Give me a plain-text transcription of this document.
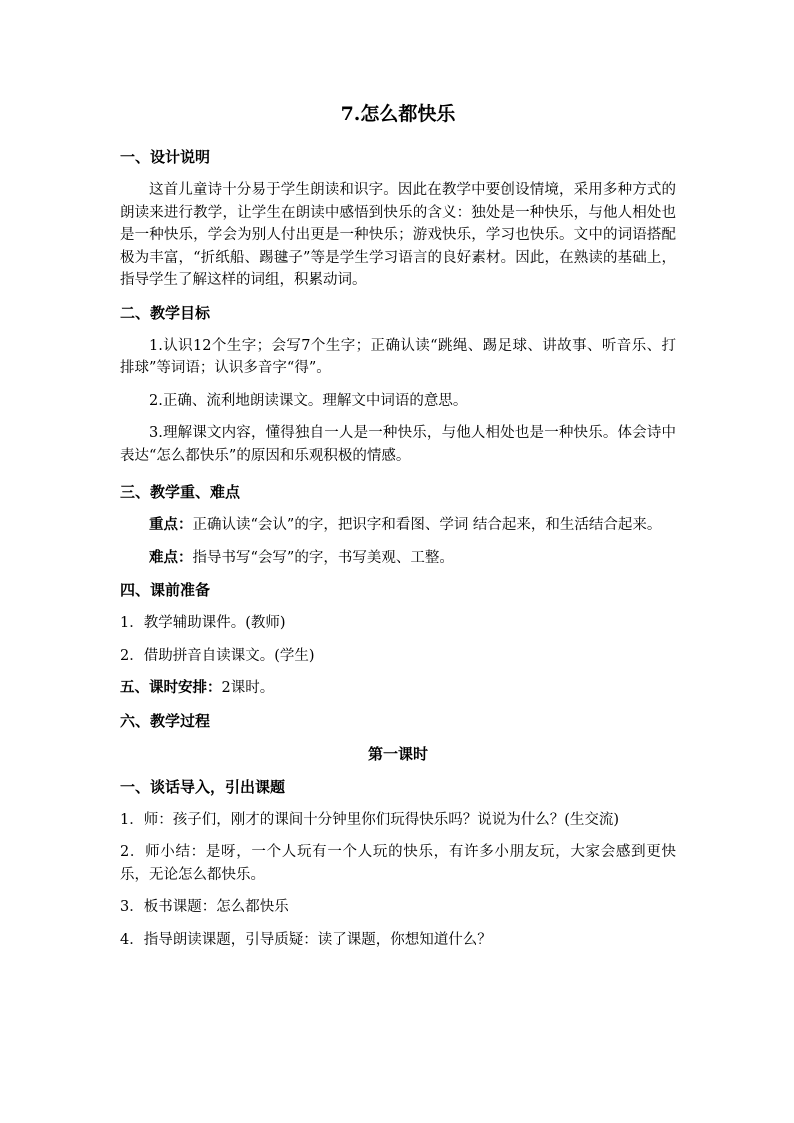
7.怎么都快乐
一、设计说明
这首儿童诗十分易于学生朗读和识字。因此在教学中要创设情境，采用多种方式的朗读来进行教学，让学生在朗读中感悟到快乐的含义：独处是一种快乐，与他人相处也是一种快乐，学会为别人付出更是一种快乐；游戏快乐，学习也快乐。文中的词语搭配极为丰富，“折纸船、踢毽子”等是学生学习语言的良好素材。因此，在熟读的基础上，指导学生了解这样的词组，积累动词。
二、教学目标
1.认识12个生字；会写7个生字；正确认读“跳绳、踢足球、讲故事、听音乐、打排球”等词语；认识多音字“得”。
2.正确、流利地朗读课文。理解文中词语的意思。
3.理解课文内容，懂得独自一人是一种快乐，与他人相处也是一种快乐。体会诗中表达“怎么都快乐”的原因和乐观积极的情感。
三、教学重、难点
重点：正确认读“会认”的字，把识字和看图、学词 结合起来，和生活结合起来。
难点：指导书写“会写”的字，书写美观、工整。
四、课前准备
1．教学辅助课件。(教师)
2．借助拼音自读课文。(学生)
五、课时安排：2课时。
六、教学过程
第一课时
一、谈话导入，引出课题
1．师：孩子们，刚才的课间十分钟里你们玩得快乐吗？说说为什么？(生交流)
2．师小结：是呀，一个人玩有一个人玩的快乐，有许多小朋友玩，大家会感到更快乐，无论怎么都快乐。
3．板书课题：怎么都快乐
4．指导朗读课题，引导质疑：读了课题，你想知道什么？
